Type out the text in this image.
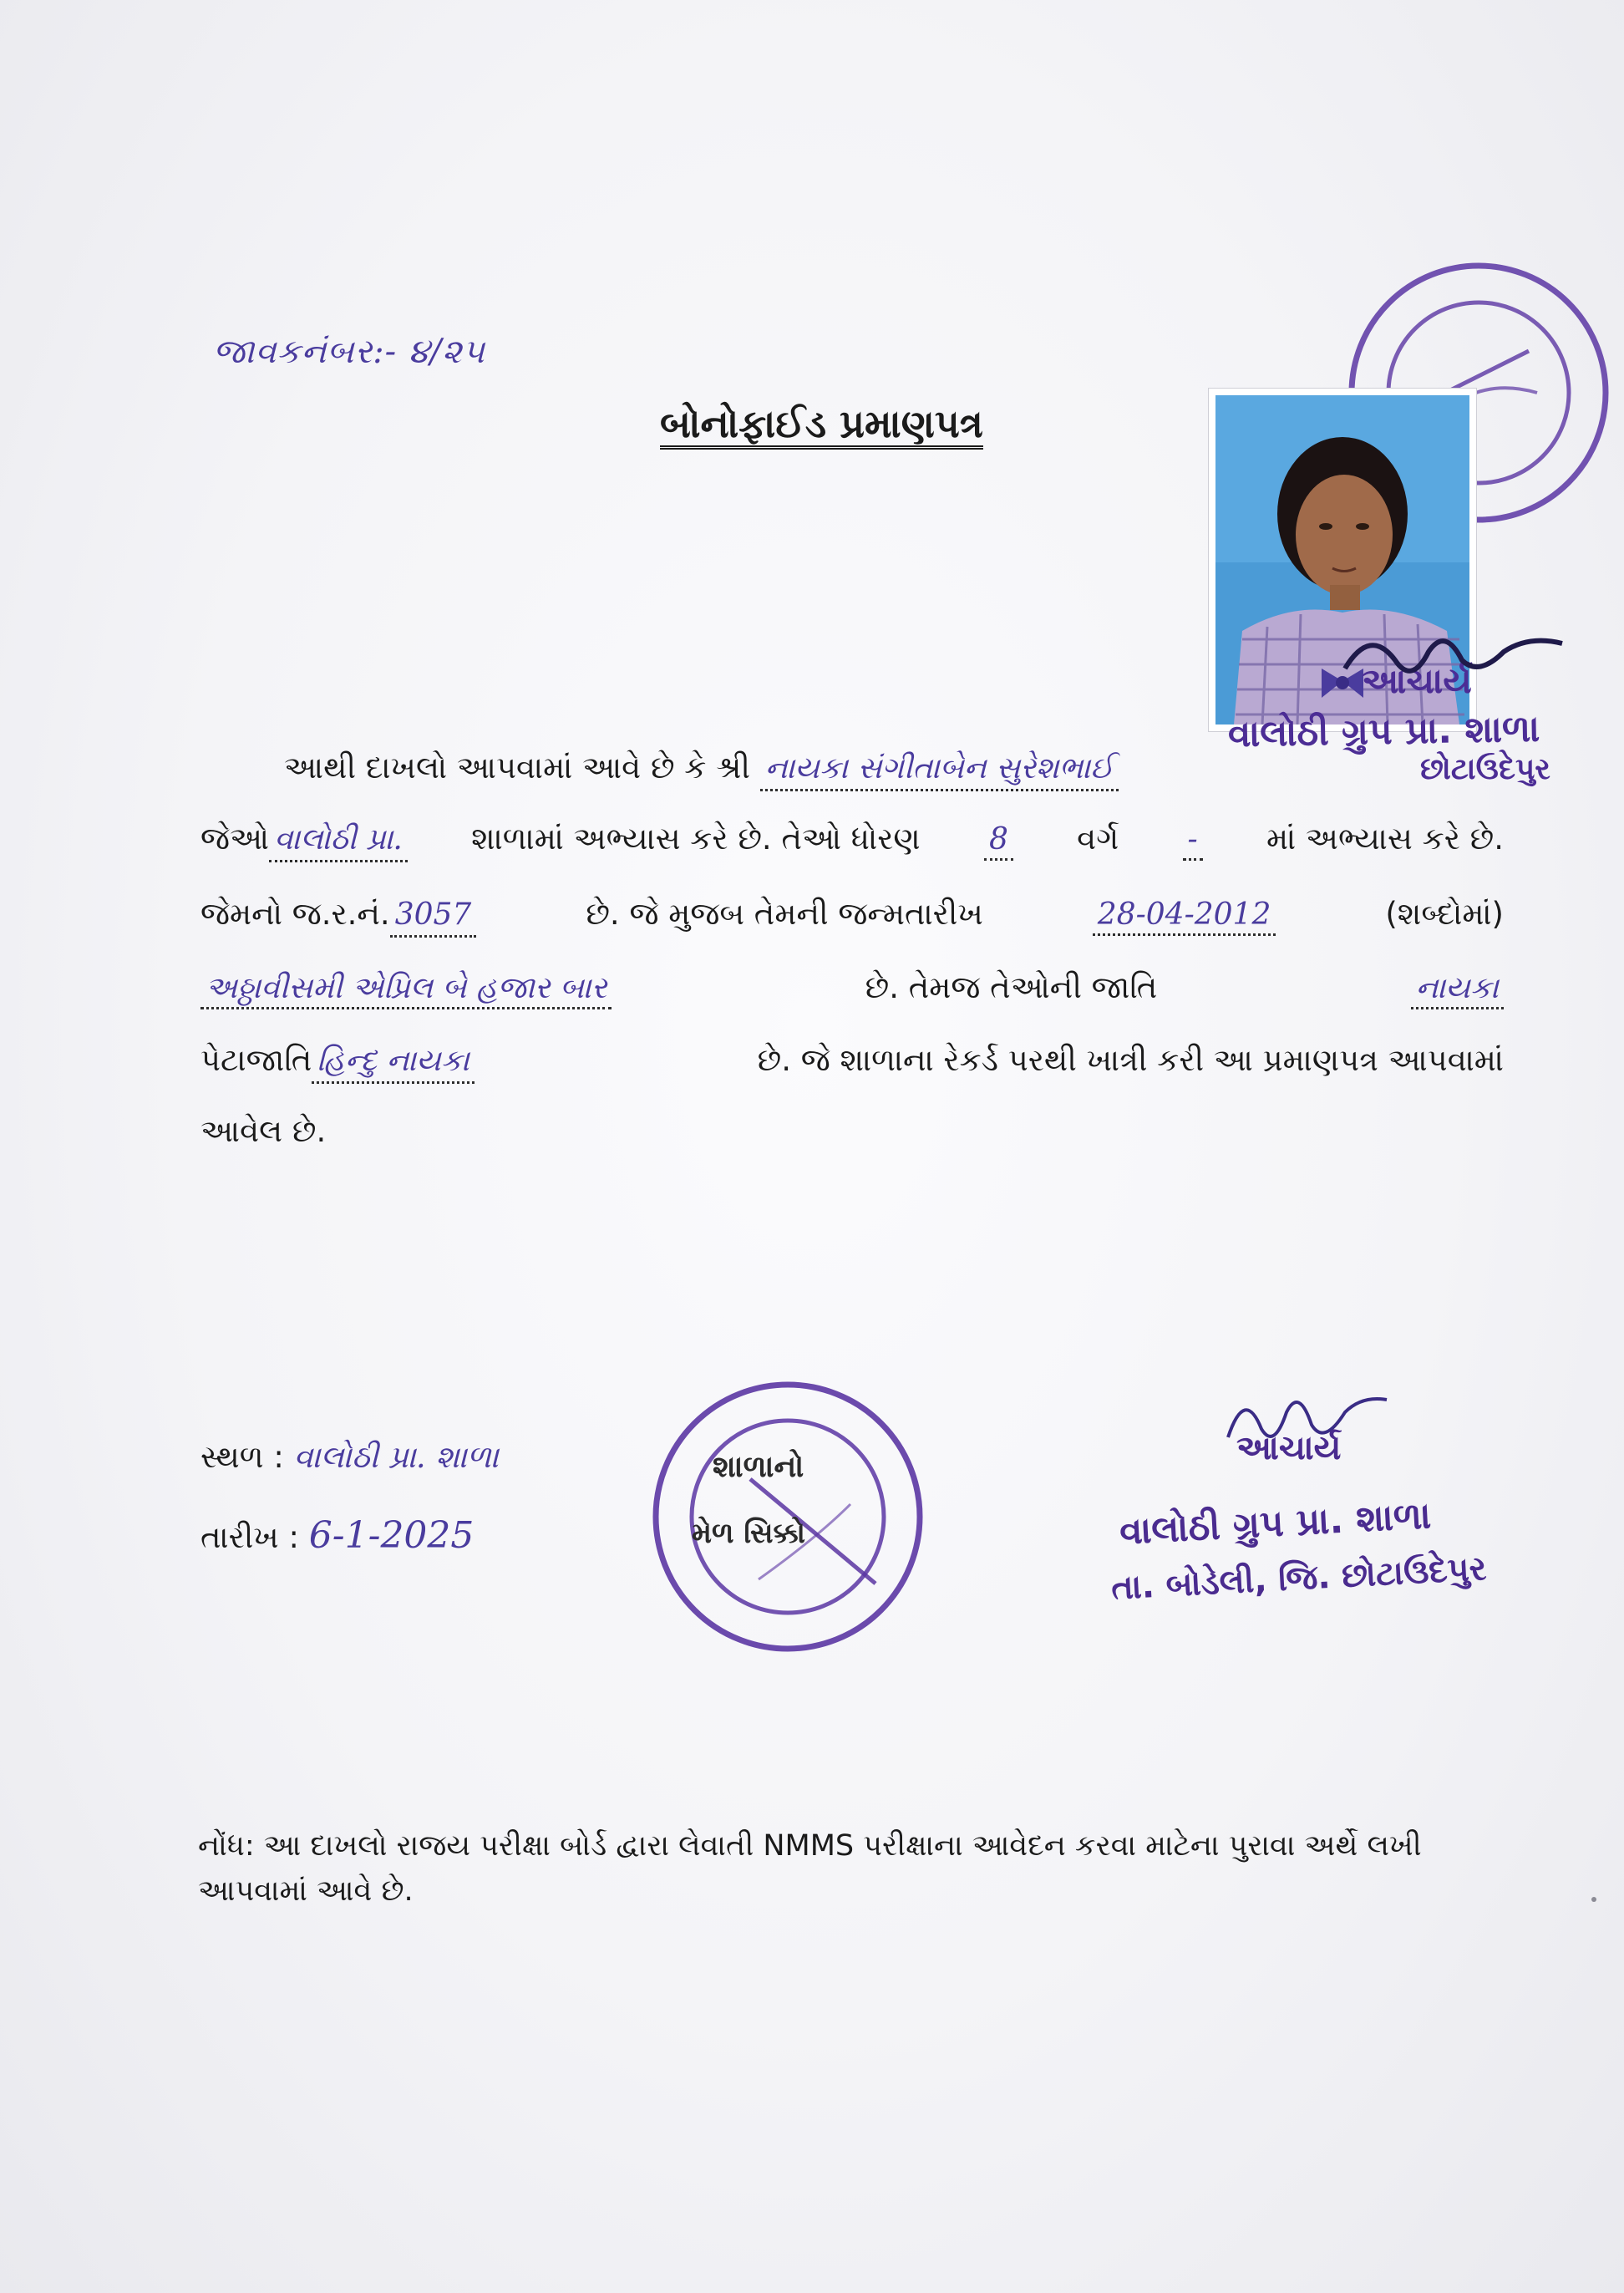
જાવકનંબર:- ૪/૨૫
બોનોફાઈડ પ્રમાણપત્ર
આચાર્ય
વાલોઠી ગ્રુપ પ્રા. શાળા
છોટાઉદેપુર
આથી દાખલો આપવામાં આવે છે કે શ્રી નાયકા સંગીતાબેન સુરેશભાઈ
જેઓ વાલોઠી પ્રા. શાળામાં અભ્યાસ કરે છે. તેઓ ધોરણ 8 વર્ગ - માં અભ્યાસ કરે છે.
જેમનો જ.ર.નં. 3057	છે. જે મુજબ તેમની જન્મતારીખ	28-04-2012	(શબ્દોમાં)
અઠ્ઠાવીસમી એપ્રિલ બે હજાર બાર	છે. તેમજ તેઓની જાતિ	નાયકા
પેટાજાતિ હિન્દુ નાયકા	છે. જે શાળાના રેકર્ડ પરથી ખાત્રી કરી આ પ્રમાણપત્ર આપવામાં
આવેલ છે.
સ્થળ : વાલોઠી પ્રા. શાળા
તારીખ : 6-1-2025
શાળાનો
મેળ સિક્કો
આચાર્ય
વાલોઠી ગ્રુપ પ્રા. શાળા
તા. બોડેલી, જિ. છોટાઉદેપુર
નોંધ: આ દાખલો રાજય પરીક્ષા બોર્ડ દ્વારા લેવાતી NMMS પરીક્ષાના આવેદન કરવા માટેના પુરાવા અર્થે લખી આપવામાં આવે છે.
